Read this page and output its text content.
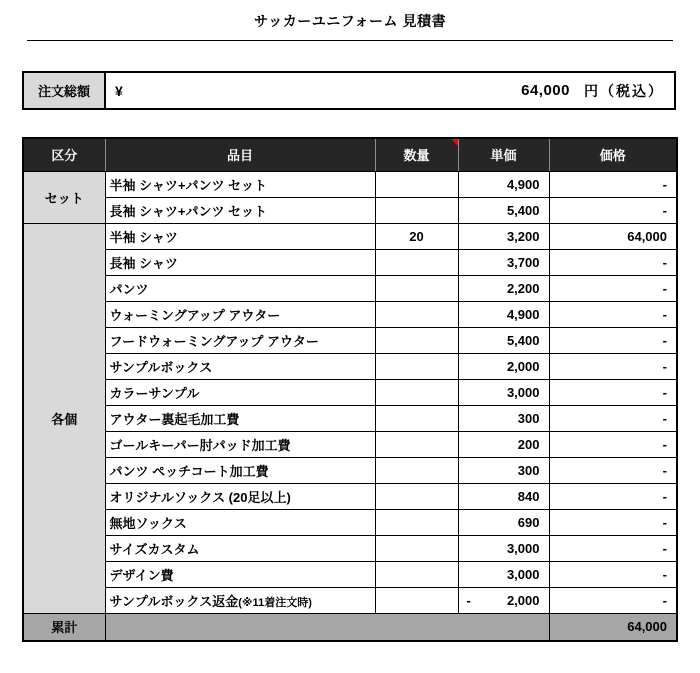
サッカーユニフォーム 見積書
注文総額	¥	64,000 円（税込）
区分	品目	数量	単価	価格
セット	半袖 シャツ+パンツ セット		4,900	-
	長袖 シャツ+パンツ セット		5,400	-
各個	半袖 シャツ	20	3,200	64,000
	長袖 シャツ		3,700	-
	パンツ		2,200	-
	ウォーミングアップ アウター		4,900	-
	フードウォーミングアップ アウター		5,400	-
	サンプルボックス		2,000	-
	カラーサンプル		3,000	-
	アウター裏起毛加工費		300	-
	ゴールキーパー肘パッド加工費		200	-
	パンツ ペッチコート加工費		300	-
	オリジナルソックス (20足以上)		840	-
	無地ソックス		690	-
	サイズカスタム		3,000	-
	デザイン費		3,000	-
	サンプルボックス返金(※11着注文時)		- 2,000	-
累計				64,000
